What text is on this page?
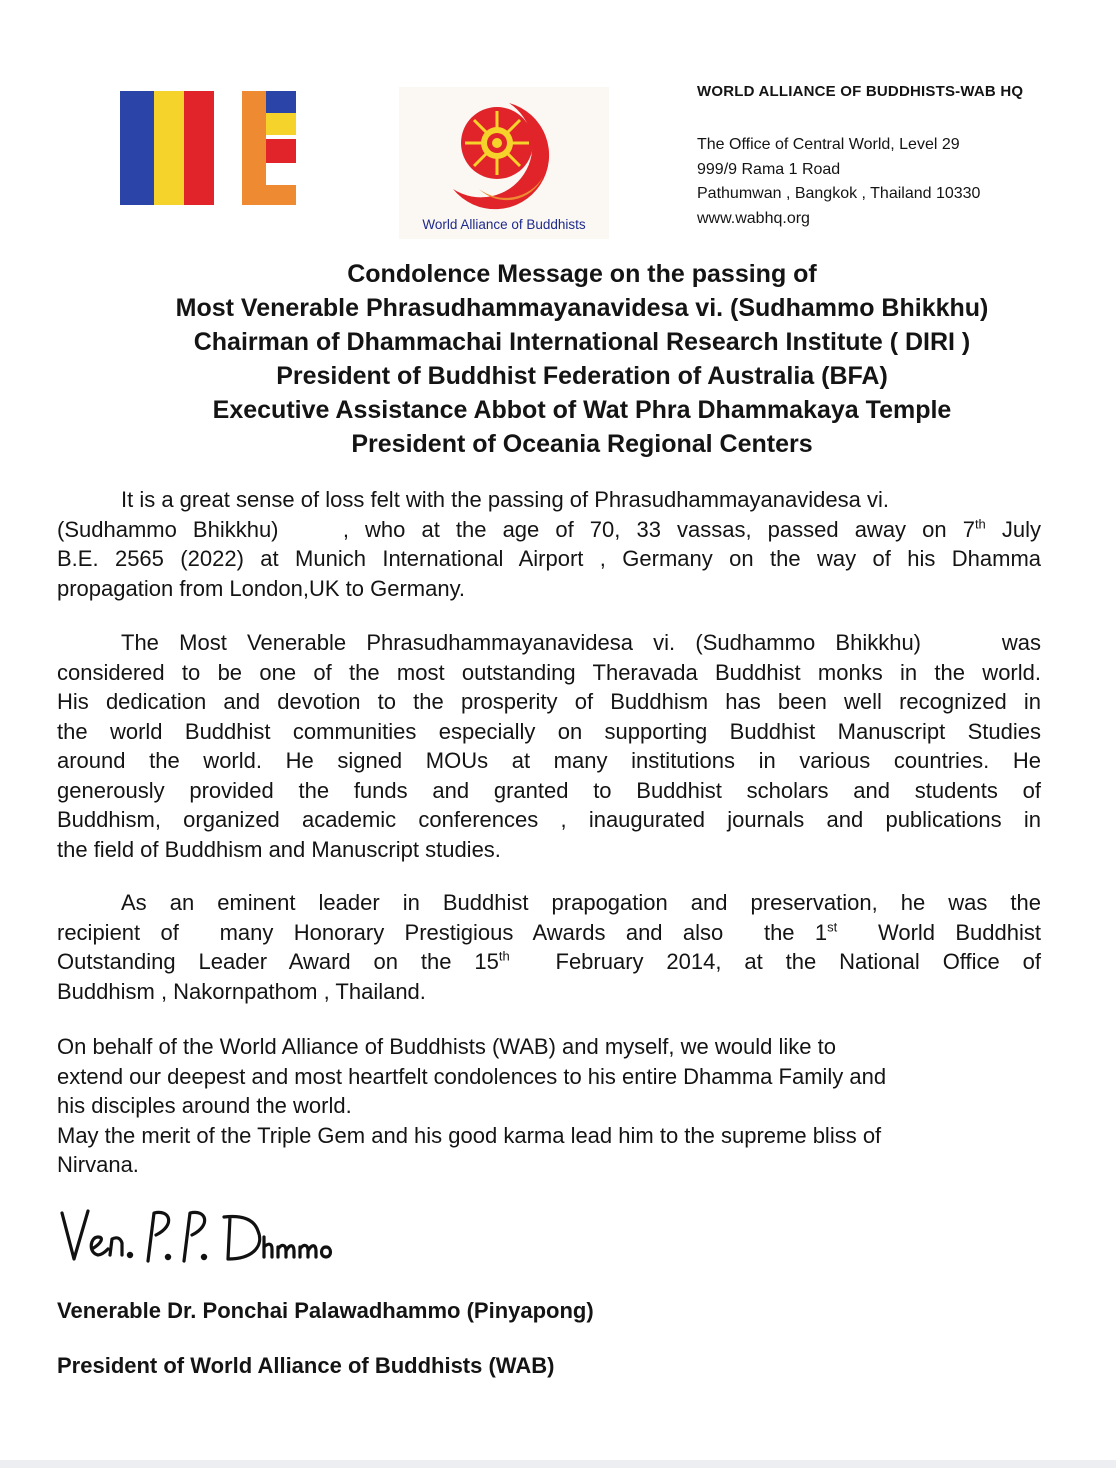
World Alliance of Buddhists
WORLD ALLIANCE OF BUDDHISTS-WAB HQ
The Office of Central World, Level 29
999/9 Rama 1 Road
Pathumwan , Bangkok , Thailand 10330
www.wabhq.org
Condolence Message on the passing of
Most Venerable Phrasudhammayanavidesa vi. (Sudhammo Bhikkhu)
Chairman of Dhammachai International Research Institute ( DIRI )
President of Buddhist Federation of Australia (BFA)
Executive Assistance Abbot of Wat Phra Dhammakaya Temple
President of Oceania Regional Centers
It is a great sense of loss felt with the passing of Phrasudhammayanavidesa vi.
(Sudhammo Bhikkhu)    , who at the age of 70, 33 vassas, passed away on 7th July
B.E. 2565 (2022) at Munich International Airport , Germany on the way of his Dhamma
propagation from London,UK to Germany.
The Most Venerable Phrasudhammayanavidesa vi. (Sudhammo Bhikkhu)    was
considered to be one of the most outstanding Theravada Buddhist monks in the world.
His dedication and devotion to the prosperity of Buddhism has been well recognized in
the world Buddhist communities especially on supporting Buddhist Manuscript Studies
around the world. He signed MOUs at many institutions in various countries. He
generously provided the funds and granted to Buddhist scholars and students of
Buddhism, organized academic conferences , inaugurated journals and publications in
the field of Buddhism and Manuscript studies.
As an eminent leader in Buddhist prapogation and preservation, he was the
recipient of  many Honorary Prestigious Awards and also  the 1st  World Buddhist
Outstanding Leader Award on the 15th  February 2014, at the National Office of
Buddhism , Nakornpathom , Thailand.
On behalf of the World Alliance of Buddhists (WAB) and myself, we would like to
extend our deepest and most heartfelt condolences to his entire Dhamma Family and
his disciples around the world.
May the merit of the Triple Gem and his good karma lead him to the supreme bliss of
Nirvana.
Venerable Dr. Ponchai Palawadhammo (Pinyapong)
President of World Alliance of Buddhists (WAB)
